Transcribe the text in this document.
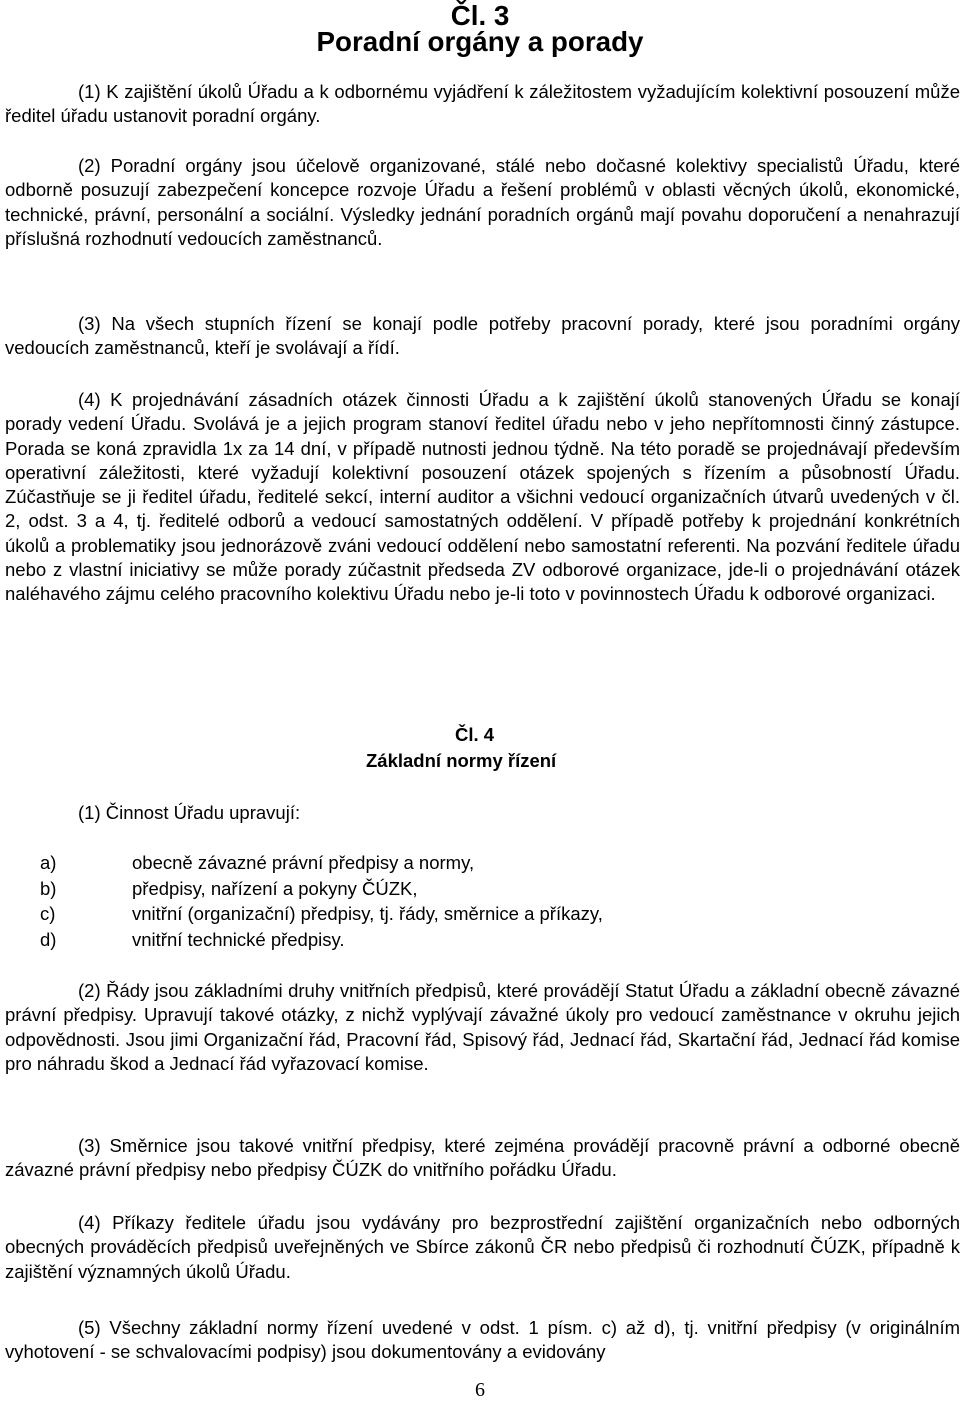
Čl. 3
Poradní orgány a porady

(1) K zajištění úkolů Úřadu a k odbornému vyjádření k záležitostem vyžadujícím kolektivní posouzení může ředitel úřadu ustanovit poradní orgány.

(2) Poradní orgány jsou účelově organizované, stálé nebo dočasné kolektivy specialistů Úřadu, které odborně posuzují zabezpečení koncepce rozvoje Úřadu a řešení problémů v oblasti věcných úkolů, ekonomické, technické, právní, personální a sociální. Výsledky jednání poradních orgánů mají povahu doporučení a nenahrazují příslušná rozhodnutí vedoucích zaměstnanců.

(3) Na všech stupních řízení se konají podle potřeby pracovní porady, které jsou poradními orgány vedoucích zaměstnanců, kteří je svolávají a řídí.

(4) K projednávání zásadních otázek činnosti Úřadu a k zajištění úkolů stanovených Úřadu se konají porady vedení Úřadu. Svolává je a jejich program stanoví ředitel úřadu nebo v jeho nepřítomnosti činný zástupce. Porada se koná zpravidla 1x za 14 dní, v případě nutnosti jednou týdně. Na této poradě se projednávají především operativní záležitosti, které vyžadují kolektivní posouzení otázek spojených s řízením a působností Úřadu. Zúčastňuje se ji ředitel úřadu, ředitelé sekcí, interní auditor a všichni vedoucí organizačních útvarů uvedených v čl. 2, odst. 3 a 4, tj. ředitelé odborů a vedoucí samostatných oddělení. V případě potřeby k projednání konkrétních úkolů a problematiky jsou jednorázově zváni vedoucí oddělení nebo samostatní referenti. Na pozvání ředitele úřadu nebo z vlastní iniciativy se může porady zúčastnit předseda ZV odborové organizace, jde-li o projednávání otázek naléhavého zájmu celého pracovního kolektivu Úřadu nebo je-li toto v povinnostech Úřadu k odborové organizaci.

Čl. 4
Základní normy řízení

(1) Činnost Úřadu upravují:

a)	obecně závazné právní předpisy a normy,
b)	předpisy, nařízení a pokyny ČÚZK,
c)	vnitřní (organizační) předpisy, tj. řády, směrnice a příkazy,
d)	vnitřní technické předpisy.

(2) Řády jsou základními druhy vnitřních předpisů, které provádějí Statut Úřadu a základní obecně závazné právní předpisy. Upravují takové otázky, z nichž vyplývají závažné úkoly pro vedoucí zaměstnance v okruhu jejich odpovědnosti. Jsou jimi Organizační řád, Pracovní řád, Spisový řád, Jednací řád, Skartační řád, Jednací řád komise pro náhradu škod a Jednací řád vyřazovací komise.

(3) Směrnice jsou takové vnitřní předpisy, které zejména provádějí pracovně právní a odborné obecně závazné právní předpisy nebo předpisy ČÚZK do vnitřního pořádku Úřadu.

(4) Příkazy ředitele úřadu jsou vydávány pro bezprostřední zajištění organizačních nebo odborných obecných prováděcích předpisů uveřejněných ve Sbírce zákonů ČR nebo předpisů či rozhodnutí ČÚZK, případně k zajištění významných úkolů Úřadu.

(5) Všechny základní normy řízení uvedené v odst. 1 písm. c) až d), tj. vnitřní předpisy (v originálním vyhotovení - se schvalovacími podpisy) jsou dokumentovány a evidovány

6
